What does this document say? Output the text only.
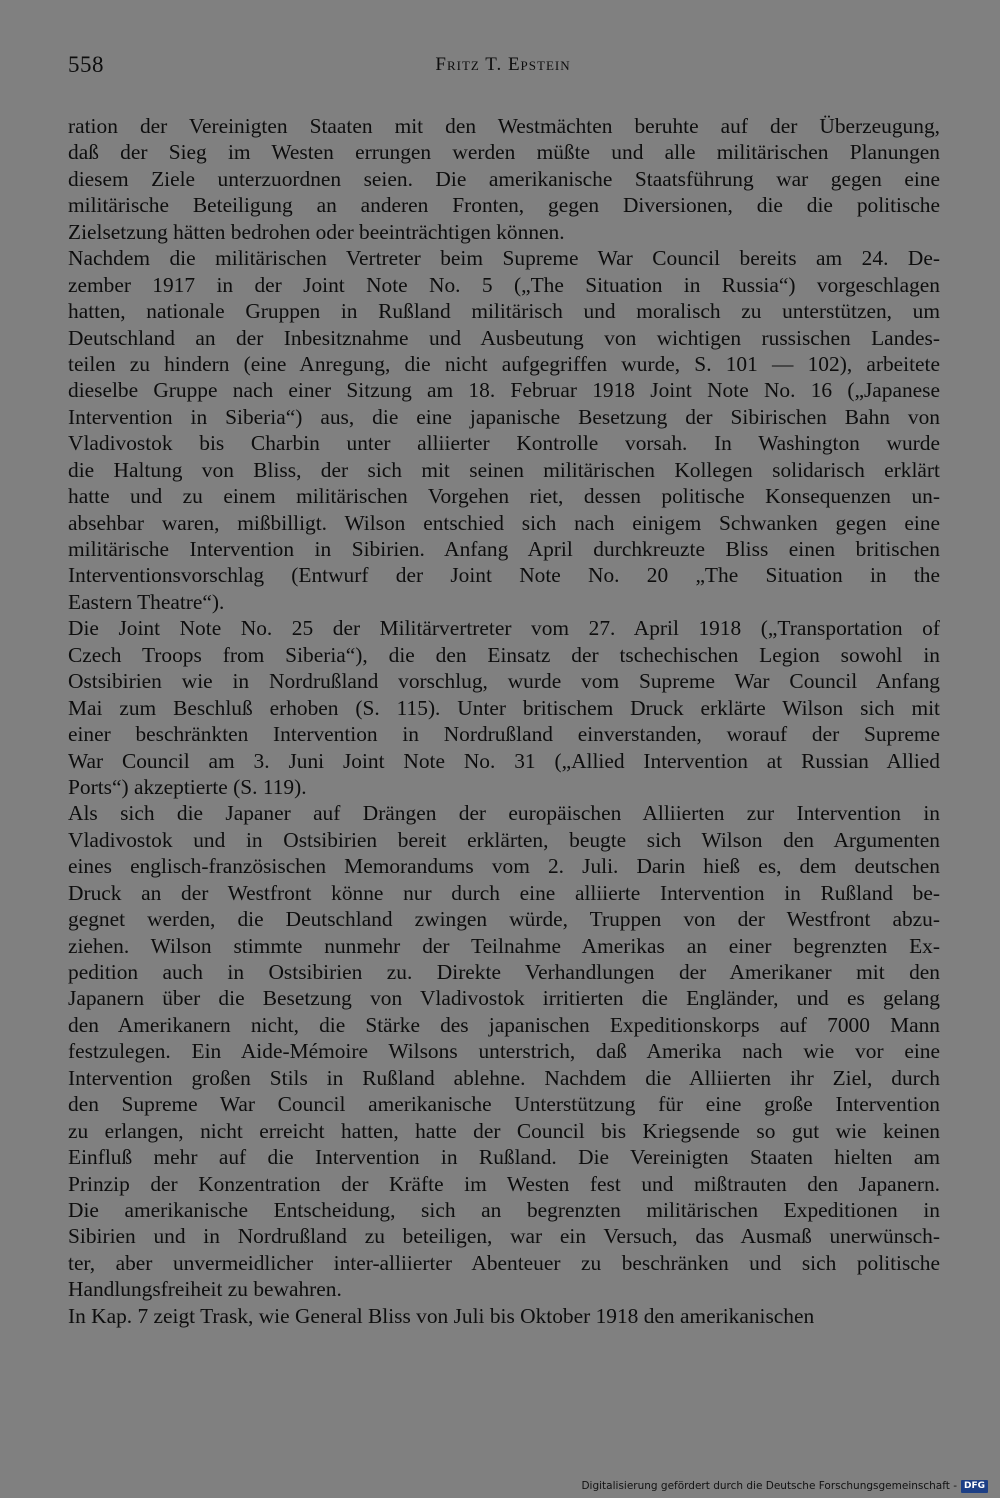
558	Fritz T. Epstein
ration der Vereinigten Staaten mit den Westmächten beruhte auf der Überzeugung,
daß der Sieg im Westen errungen werden müßte und alle militärischen Planungen
diesem Ziele unterzuordnen seien. Die amerikanische Staatsführung war gegen eine
militärische Beteiligung an anderen Fronten, gegen Diversionen, die die politische
Zielsetzung hätten bedrohen oder beeinträchtigen können.
Nachdem die militärischen Vertreter beim Supreme War Council bereits am 24. De-
zember 1917 in der Joint Note No. 5 („The Situation in Russia“) vorgeschlagen
hatten, nationale Gruppen in Rußland militärisch und moralisch zu unterstützen, um
Deutschland an der Inbesitznahme und Ausbeutung von wichtigen russischen Landes-
teilen zu hindern (eine Anregung, die nicht aufgegriffen wurde, S. 101 — 102), arbeitete
dieselbe Gruppe nach einer Sitzung am 18. Februar 1918 Joint Note No. 16 („Japanese
Intervention in Siberia“) aus, die eine japanische Besetzung der Sibirischen Bahn von
Vladivostok bis Charbin unter alliierter Kontrolle vorsah. In Washington wurde
die Haltung von Bliss, der sich mit seinen militärischen Kollegen solidarisch erklärt
hatte und zu einem militärischen Vorgehen riet, dessen politische Konsequenzen un-
absehbar waren, mißbilligt. Wilson entschied sich nach einigem Schwanken gegen eine
militärische Intervention in Sibirien. Anfang April durchkreuzte Bliss einen britischen
Interventionsvorschlag (Entwurf der Joint Note No. 20 „The Situation in the
Eastern Theatre“).
Die Joint Note No. 25 der Militärvertreter vom 27. April 1918 („Transportation of
Czech Troops from Siberia“), die den Einsatz der tschechischen Legion sowohl in
Ostsibirien wie in Nordrußland vorschlug, wurde vom Supreme War Council Anfang
Mai zum Beschluß erhoben (S. 115). Unter britischem Druck erklärte Wilson sich mit
einer beschränkten Intervention in Nordrußland einverstanden, worauf der Supreme
War Council am 3. Juni Joint Note No. 31 („Allied Intervention at Russian Allied
Ports“) akzeptierte (S. 119).
Als sich die Japaner auf Drängen der europäischen Alliierten zur Intervention in
Vladivostok und in Ostsibirien bereit erklärten, beugte sich Wilson den Argumenten
eines englisch-französischen Memorandums vom 2. Juli. Darin hieß es, dem deutschen
Druck an der Westfront könne nur durch eine alliierte Intervention in Rußland be-
gegnet werden, die Deutschland zwingen würde, Truppen von der Westfront abzu-
ziehen. Wilson stimmte nunmehr der Teilnahme Amerikas an einer begrenzten Ex-
pedition auch in Ostsibirien zu. Direkte Verhandlungen der Amerikaner mit den
Japanern über die Besetzung von Vladivostok irritierten die Engländer, und es gelang
den Amerikanern nicht, die Stärke des japanischen Expeditionskorps auf 7000 Mann
festzulegen. Ein Aide-Mémoire Wilsons unterstrich, daß Amerika nach wie vor eine
Intervention großen Stils in Rußland ablehne. Nachdem die Alliierten ihr Ziel, durch
den Supreme War Council amerikanische Unterstützung für eine große Intervention
zu erlangen, nicht erreicht hatten, hatte der Council bis Kriegsende so gut wie keinen
Einfluß mehr auf die Intervention in Rußland. Die Vereinigten Staaten hielten am
Prinzip der Konzentration der Kräfte im Westen fest und mißtrauten den Japanern.
Die amerikanische Entscheidung, sich an begrenzten militärischen Expeditionen in
Sibirien und in Nordrußland zu beteiligen, war ein Versuch, das Ausmaß unerwünsch-
ter, aber unvermeidlicher inter-alliierter Abenteuer zu beschränken und sich politische
Handlungsfreiheit zu bewahren.
In Kap. 7 zeigt Trask, wie General Bliss von Juli bis Oktober 1918 den amerikanischen
Digitalisierung gefördert durch die Deutsche Forschungsgemeinschaft - DFG
